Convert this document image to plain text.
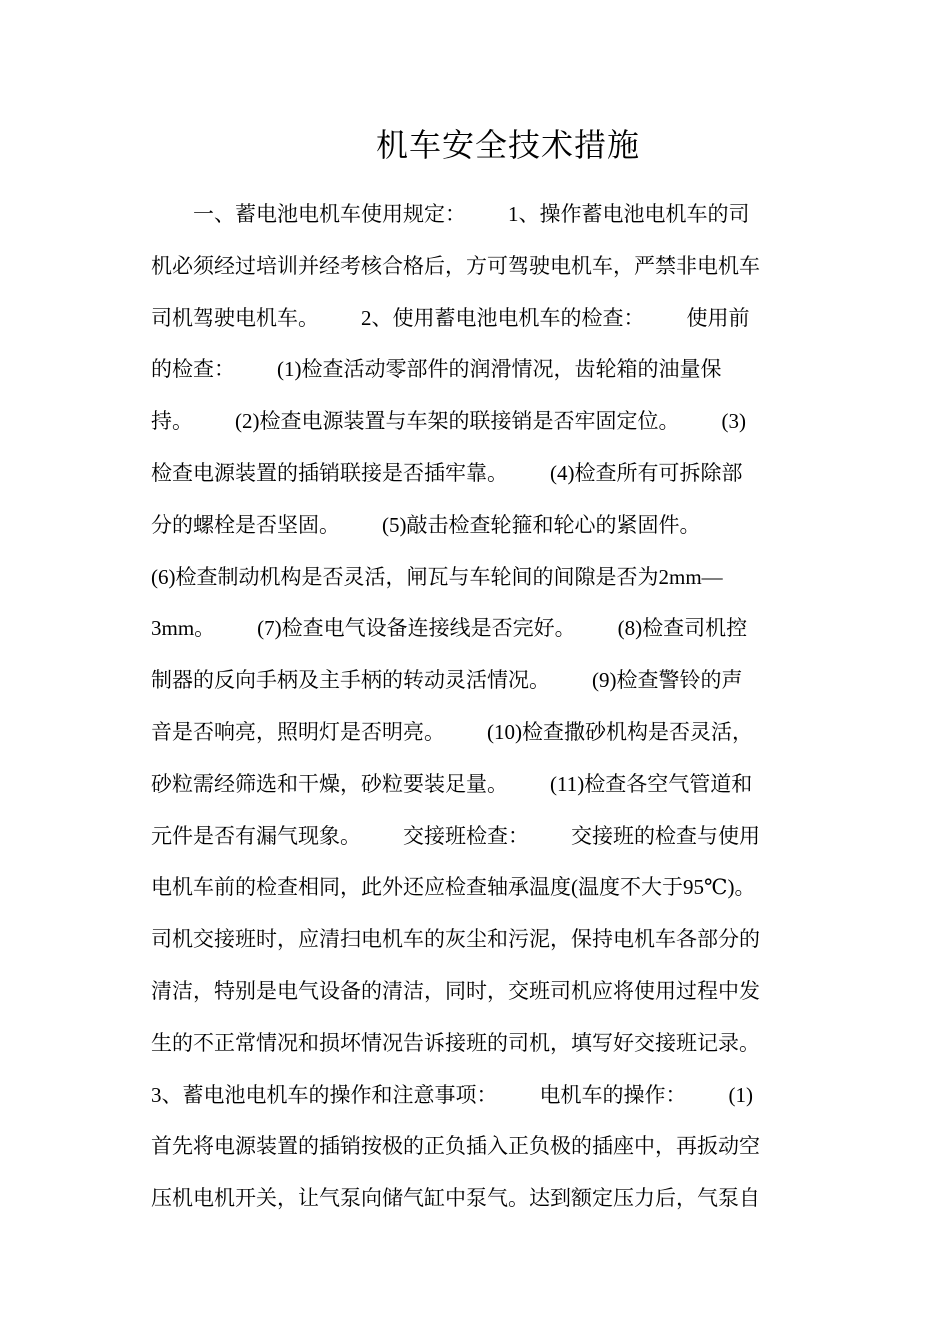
机车安全技术措施
一、蓄电池电机车使用规定：        1、操作蓄电池电机车的司
机必须经过培训并经考核合格后，方可驾驶电机车，严禁非电机车
司机驾驶电机车。        2、使用蓄电池电机车的检查：        使用前
的检查：        (1)检查活动零部件的润滑情况，齿轮箱的油量保
持。        (2)检查电源装置与车架的联接销是否牢固定位。        (3)
检查电源装置的插销联接是否插牢靠。        (4)检查所有可拆除部
分的螺栓是否坚固。        (5)敲击检查轮箍和轮心的紧固件。
(6)检查制动机构是否灵活，闸瓦与车轮间的间隙是否为2mm—
3mm。        (7)检查电气设备连接线是否完好。        (8)检查司机控
制器的反向手柄及主手柄的转动灵活情况。        (9)检查警铃的声
音是否响亮，照明灯是否明亮。        (10)检查撒砂机构是否灵活，
砂粒需经筛选和干燥，砂粒要装足量。        (11)检查各空气管道和
元件是否有漏气现象。        交接班检查：        交接班的检查与使用
电机车前的检查相同，此外还应检查轴承温度(温度不大于95℃)。
司机交接班时，应清扫电机车的灰尘和污泥，保持电机车各部分的
清洁，特别是电气设备的清洁，同时，交班司机应将使用过程中发
生的不正常情况和损坏情况告诉接班的司机，填写好交接班记录。
3、蓄电池电机车的操作和注意事项：        电机车的操作：        (1)
首先将电源装置的插销按极的正负插入正负极的插座中，再扳动空
压机电机开关，让气泵向储气缸中泵气。达到额定压力后，气泵自
